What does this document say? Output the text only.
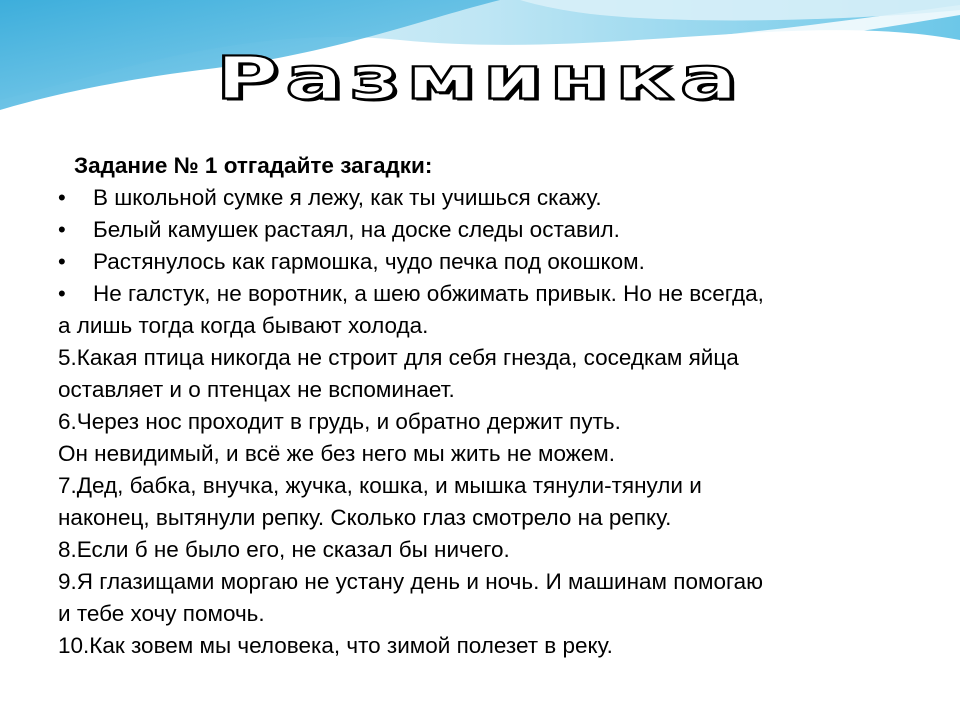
Разминка
Задание № 1 отгадайте загадки:
•	В школьной сумке я лежу, как ты учишься скажу.
•	Белый камушек растаял, на доске следы оставил.
•	Растянулось как гармошка, чудо печка под окошком.
•	Не галстук, не воротник, а шею обжимать привык. Но не всегда,

а лишь тогда когда бывают холода.

5.Какая птица никогда не строит для себя гнезда, соседкам яйца

оставляет и о птенцах не вспоминает.

6.Через нос проходит в грудь, и обратно держит путь.

Он невидимый, и всё же без него мы жить не можем.

7.Дед, бабка, внучка, жучка, кошка, и мышка тянули-тянули и

наконец, вытянули репку. Сколько глаз смотрело на репку.

8.Если б не было его, не сказал бы ничего.

9.Я глазищами моргаю не устану день и ночь. И машинам помогаю

и тебе хочу помочь.

10.Как зовем мы человека, что зимой полезет в реку.
